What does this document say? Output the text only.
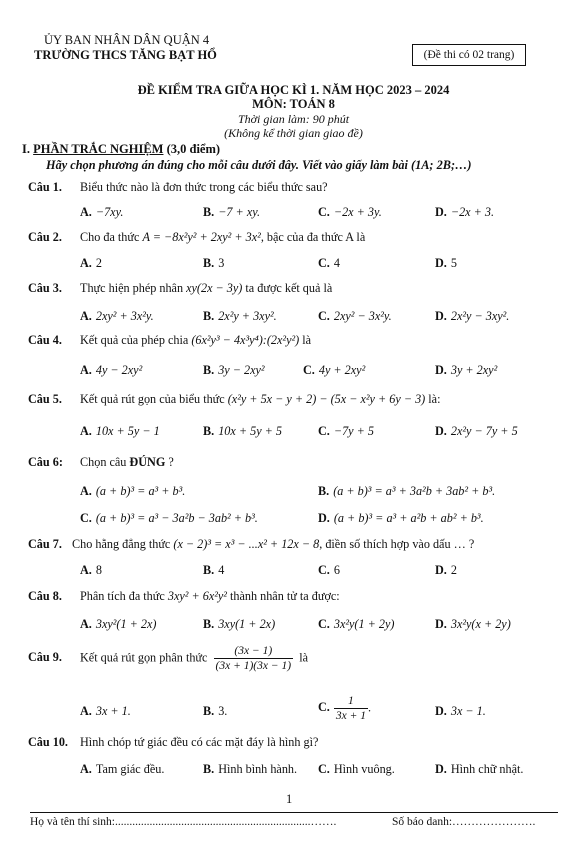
ỦY BAN NHÂN DÂN QUẬN 4
TRƯỜNG THCS TĂNG BẠT HỔ	(Đề thi có 02 trang)
ĐỀ KIỂM TRA GIỮA HỌC KÌ 1. NĂM HỌC 2023 – 2024
MÔN: TOÁN 8
Thời gian làm: 90 phút
(Không kể thời gian giao đề)
I. PHẦN TRẮC NGHIỆM (3,0 điểm)
Hãy chọn phương án đúng cho mỗi câu dưới đây. Viết vào giấy làm bài (1A; 2B;…)
Câu 1. Biểu thức nào là đơn thức trong các biểu thức sau?
A. −7xy.	B. −7 + xy.	C. −2x + 3y.	D. −2x + 3.
Câu 2. Cho đa thức A = −8x²y² + 2xy² + 3x², bậc của đa thức A là
A. 2	B. 3	C. 4	D. 5
Câu 3. Thực hiện phép nhân xy(2x − 3y) ta được kết quả là
A. 2xy² + 3x²y.	B. 2x²y + 3xy².	C. 2xy² − 3x²y.	D. 2x²y − 3xy².
Câu 4. Kết quả của phép chia (6x²y³ − 4x³y⁴):(2x²y²) là
A. 4y − 2xy²	B. 3y − 2xy²	C. 4y + 2xy²	D. 3y + 2xy²
Câu 5. Kết quả rút gọn của biểu thức (x²y + 5x − y + 2) − (5x − x²y + 6y − 3) là:
A. 10x + 5y − 1	B. 10x + 5y + 5	C. −7y + 5	D. 2x²y − 7y + 5
Câu 6: Chọn câu ĐÚNG ?
A. (a + b)³ = a³ + b³.	B. (a + b)³ = a³ + 3a²b + 3ab² + b³.
C. (a + b)³ = a³ − 3a²b − 3ab² + b³.	D. (a + b)³ = a³ + a²b + ab² + b³.
Câu 7. Cho hằng đẳng thức (x − 2)³ = x³ − ...x² + 12x − 8, điền số thích hợp vào dấu … ?
A. 8	B. 4	C. 6	D. 2
Câu 8. Phân tích đa thức 3xy² + 6x²y² thành nhân tử ta được:
A. 3xy²(1 + 2x)	B. 3xy(1 + 2x)	C. 3x²y(1 + 2y)	D. 3x²y(x + 2y)
Câu 9. Kết quả rút gọn phân thức $\frac{(3x - 1)}{(3x + 1)(3x - 1)}$ là
A. 3x + 1.	B. 3.	C. $\frac{1}{3x + 1}$ .	D. 3x − 1.
Câu 10. Hình chóp tứ giác đều có các mặt đáy là hình gì?
A. Tam giác đều.	B. Hình bình hành. C. Hình vuông.	D. Hình chữ nhật.
1
Họ và tên thí sinh:....................................................................…….	Số báo danh:………………….
